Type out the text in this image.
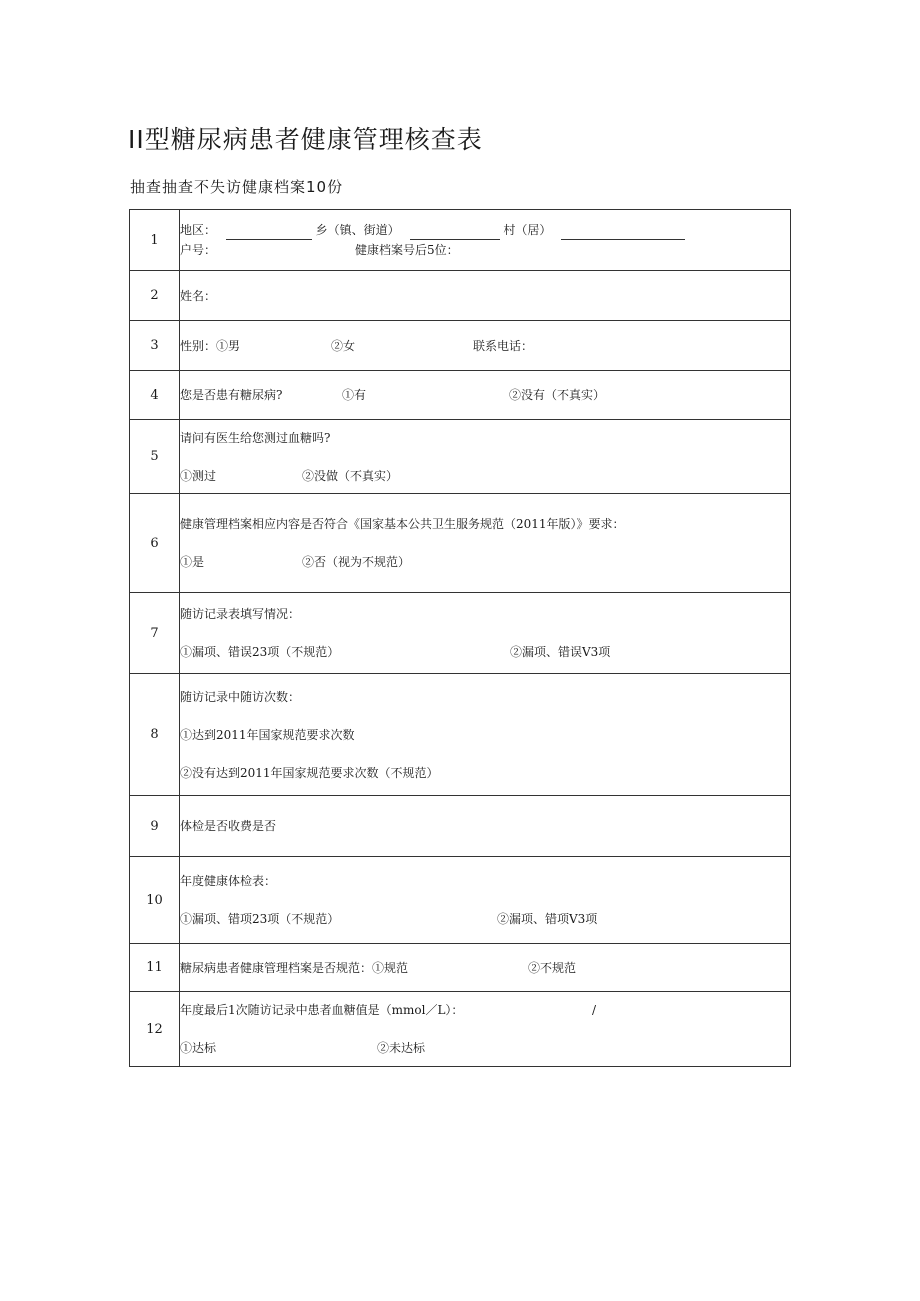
II型糖尿病患者健康管理核查表
抽查抽查不失访健康档案10份
1	地区： 乡（镇、街道） 村（居）
户号： 健康档案号后5位：

2	姓名：

3	性别：①男 ②女 联系电话：

4	您是否患有糖尿病? ①有 ②没有（不真实）

5	请问有医生给您测过血糖吗?
①测过 ②没做（不真实）

6	健康管理档案相应内容是否符合《国家基本公共卫生服务规范（2011年版）》要求：
①是 ②否（视为不规范）

7	随访记录表填写情况：
①漏项、错误23项（不规范） ②漏项、错误V3项

8	随访记录中随访次数：
①达到2011年国家规范要求次数
②没有达到2011年国家规范要求次数（不规范）

9	体检是否收费是否

10	年度健康体检表：
①漏项、错项23项（不规范） ②漏项、错项V3项

11	糖尿病患者健康管理档案是否规范：①规范 ②不规范

12	年度最后1次随访记录中患者血糖值是（mmol／L）： /
①达标 ②未达标
